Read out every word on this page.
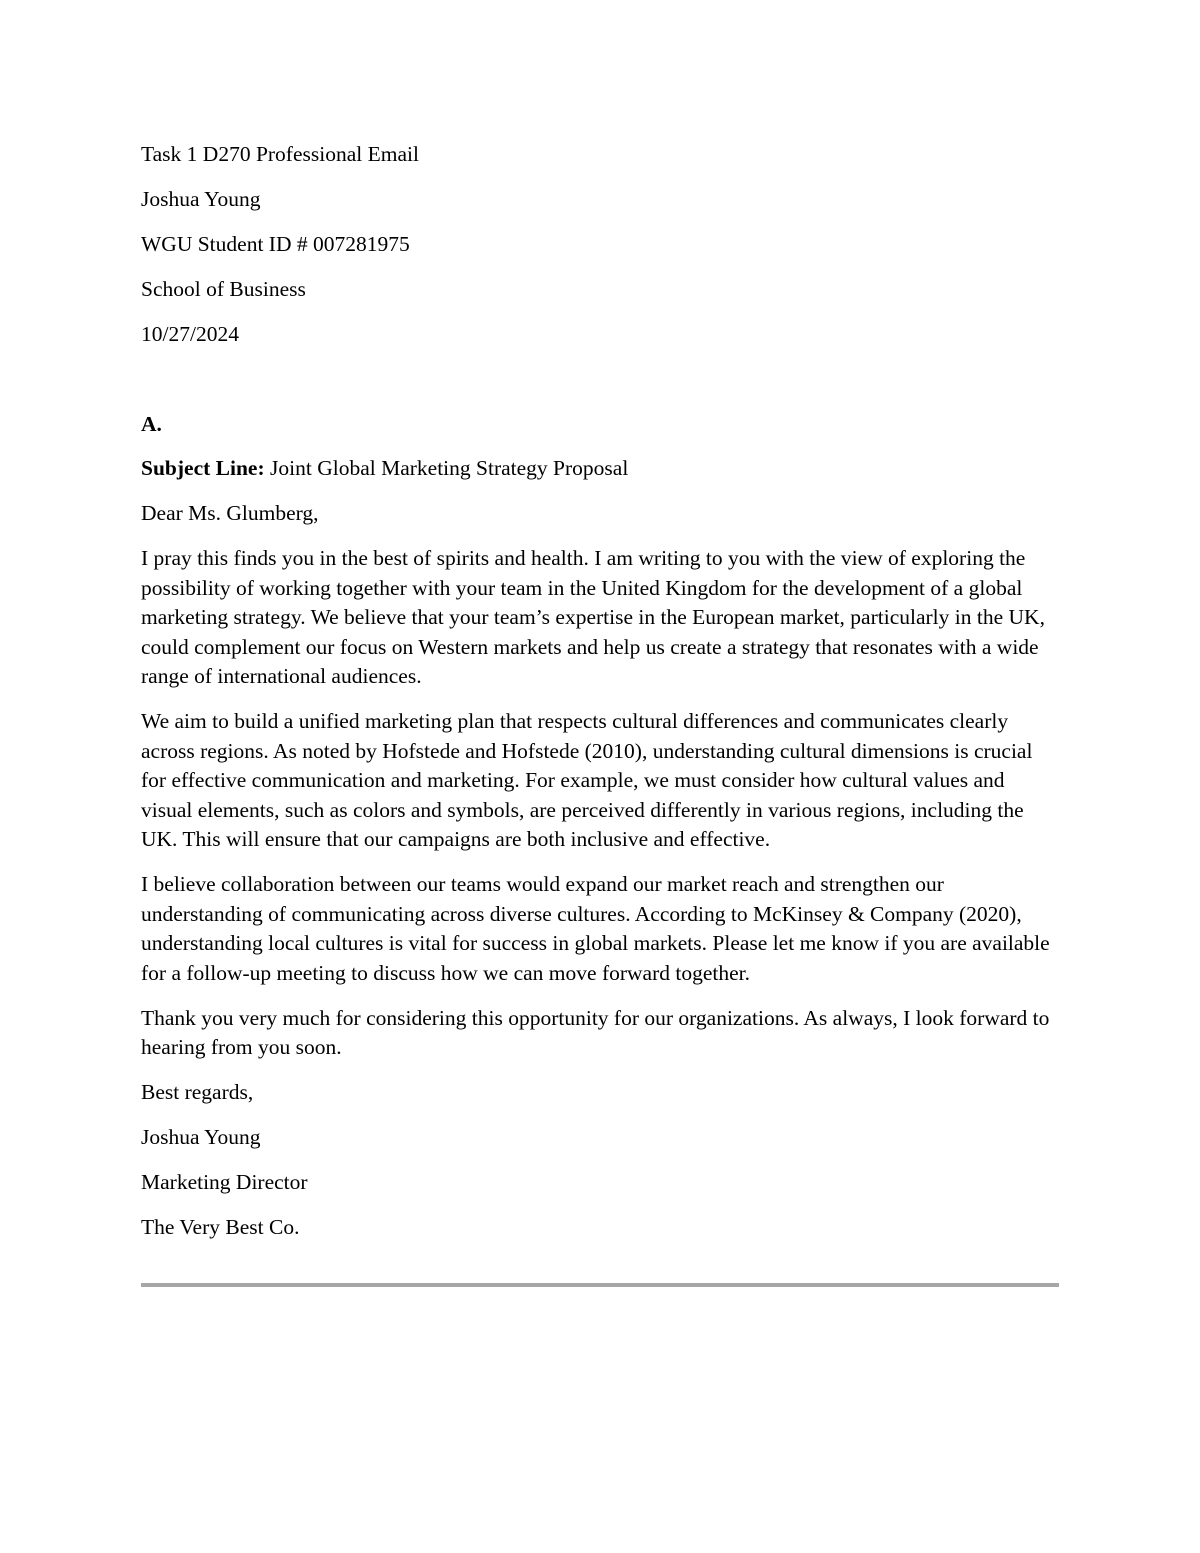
Task 1 D270 Professional Email

Joshua Young

WGU Student ID # 007281975

School of Business

10/27/2024

A.

Subject Line: Joint Global Marketing Strategy Proposal

Dear Ms. Glumberg,

I pray this finds you in the best of spirits and health. I am writing to you with the view of exploring the possibility of working together with your team in the United Kingdom for the development of a global marketing strategy. We believe that your team’s expertise in the European market, particularly in the UK, could complement our focus on Western markets and help us create a strategy that resonates with a wide range of international audiences.

We aim to build a unified marketing plan that respects cultural differences and communicates clearly across regions. As noted by Hofstede and Hofstede (2010), understanding cultural dimensions is crucial for effective communication and marketing. For example, we must consider how cultural values and visual elements, such as colors and symbols, are perceived differently in various regions, including the UK. This will ensure that our campaigns are both inclusive and effective.

I believe collaboration between our teams would expand our market reach and strengthen our understanding of communicating across diverse cultures. According to McKinsey & Company (2020), understanding local cultures is vital for success in global markets. Please let me know if you are available for a follow-up meeting to discuss how we can move forward together.

Thank you very much for considering this opportunity for our organizations. As always, I look forward to hearing from you soon.

Best regards,

Joshua Young

Marketing Director

The Very Best Co.
